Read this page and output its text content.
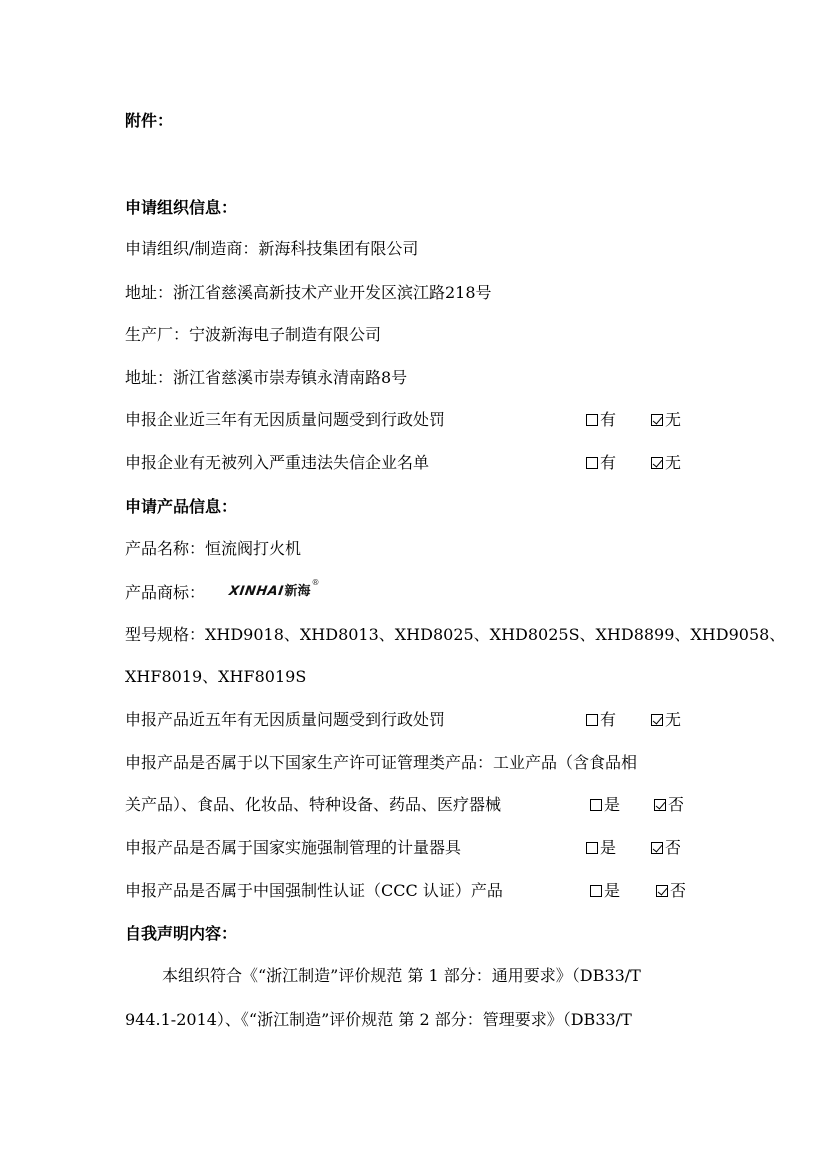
附件：
申请组织信息：
申请组织/制造商：新海科技集团有限公司
地址：浙江省慈溪高新技术产业开发区滨江路218号
生产厂：宁波新海电子制造有限公司
地址：浙江省慈溪市崇寿镇永清南路8号
申报企业近三年有无因质量问题受到行政处罚	有	无
申报企业有无被列入严重违法失信企业名单	有	无
申请产品信息：
产品名称：恒流阀打火机
产品商标： XINHAI 新海
®
型号规格：XHD9018、XHD8013、XHD8025、XHD8025S、XHD8899、XHD9058、
XHF8019、XHF8019S
申报产品近五年有无因质量问题受到行政处罚	有	无
申报产品是否属于以下国家生产许可证管理类产品：工业产品（含食品相
关产品）、食品、化妆品、特种设备、药品、医疗器械	是	否
申报产品是否属于国家实施强制管理的计量器具	是	否
申报产品是否属于中国强制性认证（CCC 认证）产品	是	否
自我声明内容：
本组织符合《“浙江制造”评价规范 第 1 部分：通用要求》（DB33/T
944.1-2014）、《“浙江制造”评价规范 第 2 部分：管理要求》（DB33/T
